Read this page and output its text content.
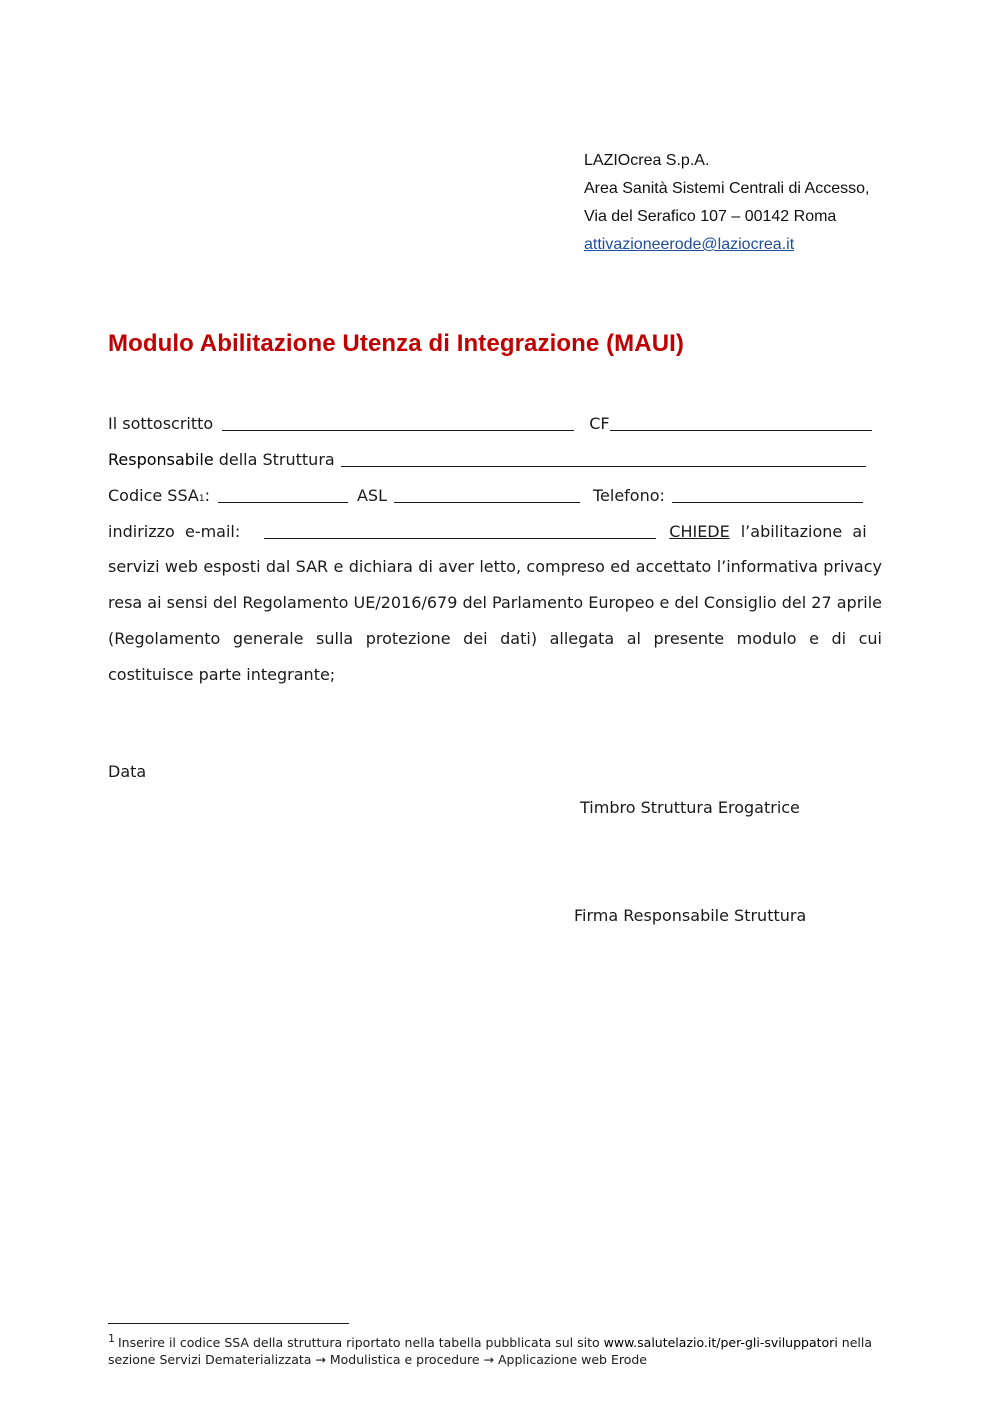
LAZIOcrea S.p.A.
Area Sanità Sistemi Centrali di Accesso,
Via del Serafico 107 – 00142 Roma
attivazioneerode@laziocrea.it
Modulo Abilitazione Utenza di Integrazione (MAUI)
Il sottoscritto	CF
Responsabile della Struttura
Codice SSA 1 :	ASL	Telefono:
indirizzo  e-mail:	CHIEDE l’abilitazione  ai
servizi web esposti dal SAR e dichiara di aver letto, compreso ed accettato l’informativa privacy resa ai sensi del Regolamento UE/2016/679 del Parlamento Europeo e del Consiglio del 27 aprile (Regolamento generale sulla protezione dei dati) allegata al presente modulo e di cui costituisce parte integrante;
Data
Timbro Struttura Erogatrice
Firma Responsabile Struttura
1 Inserire il codice SSA della struttura riportato nella tabella pubblicata sul sito www.salutelazio.it/per-gli-sviluppatori nella sezione Servizi Dematerializzata → Modulistica e procedure → Applicazione web Erode
